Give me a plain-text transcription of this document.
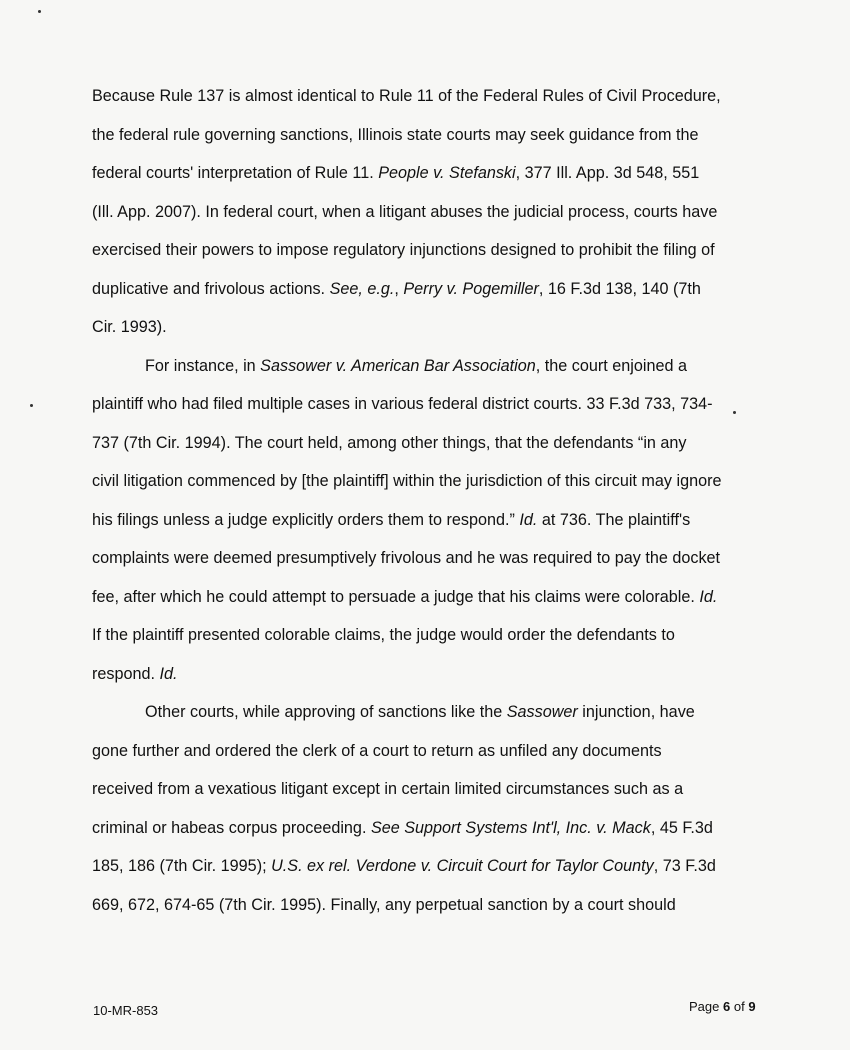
Because Rule 137 is almost identical to Rule 11 of the Federal Rules of Civil Procedure,
the federal rule governing sanctions, Illinois state courts may seek guidance from the
federal courts' interpretation of Rule 11. People v. Stefanski, 377 Ill. App. 3d 548, 551
(Ill. App. 2007). In federal court, when a litigant abuses the judicial process, courts have
exercised their powers to impose regulatory injunctions designed to prohibit the filing of
duplicative and frivolous actions. See, e.g., Perry v. Pogemiller, 16 F.3d 138, 140 (7th
Cir. 1993).
For instance, in Sassower v. American Bar Association, the court enjoined a
plaintiff who had filed multiple cases in various federal district courts. 33 F.3d 733, 734-
737 (7th Cir. 1994). The court held, among other things, that the defendants “in any
civil litigation commenced by [the plaintiff] within the jurisdiction of this circuit may ignore
his filings unless a judge explicitly orders them to respond.” Id. at 736. The plaintiff's
complaints were deemed presumptively frivolous and he was required to pay the docket
fee, after which he could attempt to persuade a judge that his claims were colorable. Id.
If the plaintiff presented colorable claims, the judge would order the defendants to
respond. Id.
Other courts, while approving of sanctions like the Sassower injunction, have
gone further and ordered the clerk of a court to return as unfiled any documents
received from a vexatious litigant except in certain limited circumstances such as a
criminal or habeas corpus proceeding. See Support Systems Int'l, Inc. v. Mack, 45 F.3d
185, 186 (7th Cir. 1995); U.S. ex rel. Verdone v. Circuit Court for Taylor County, 73 F.3d
669, 672, 674-65 (7th Cir. 1995). Finally, any perpetual sanction by a court should
10-MR-853	Page 6 of 9
